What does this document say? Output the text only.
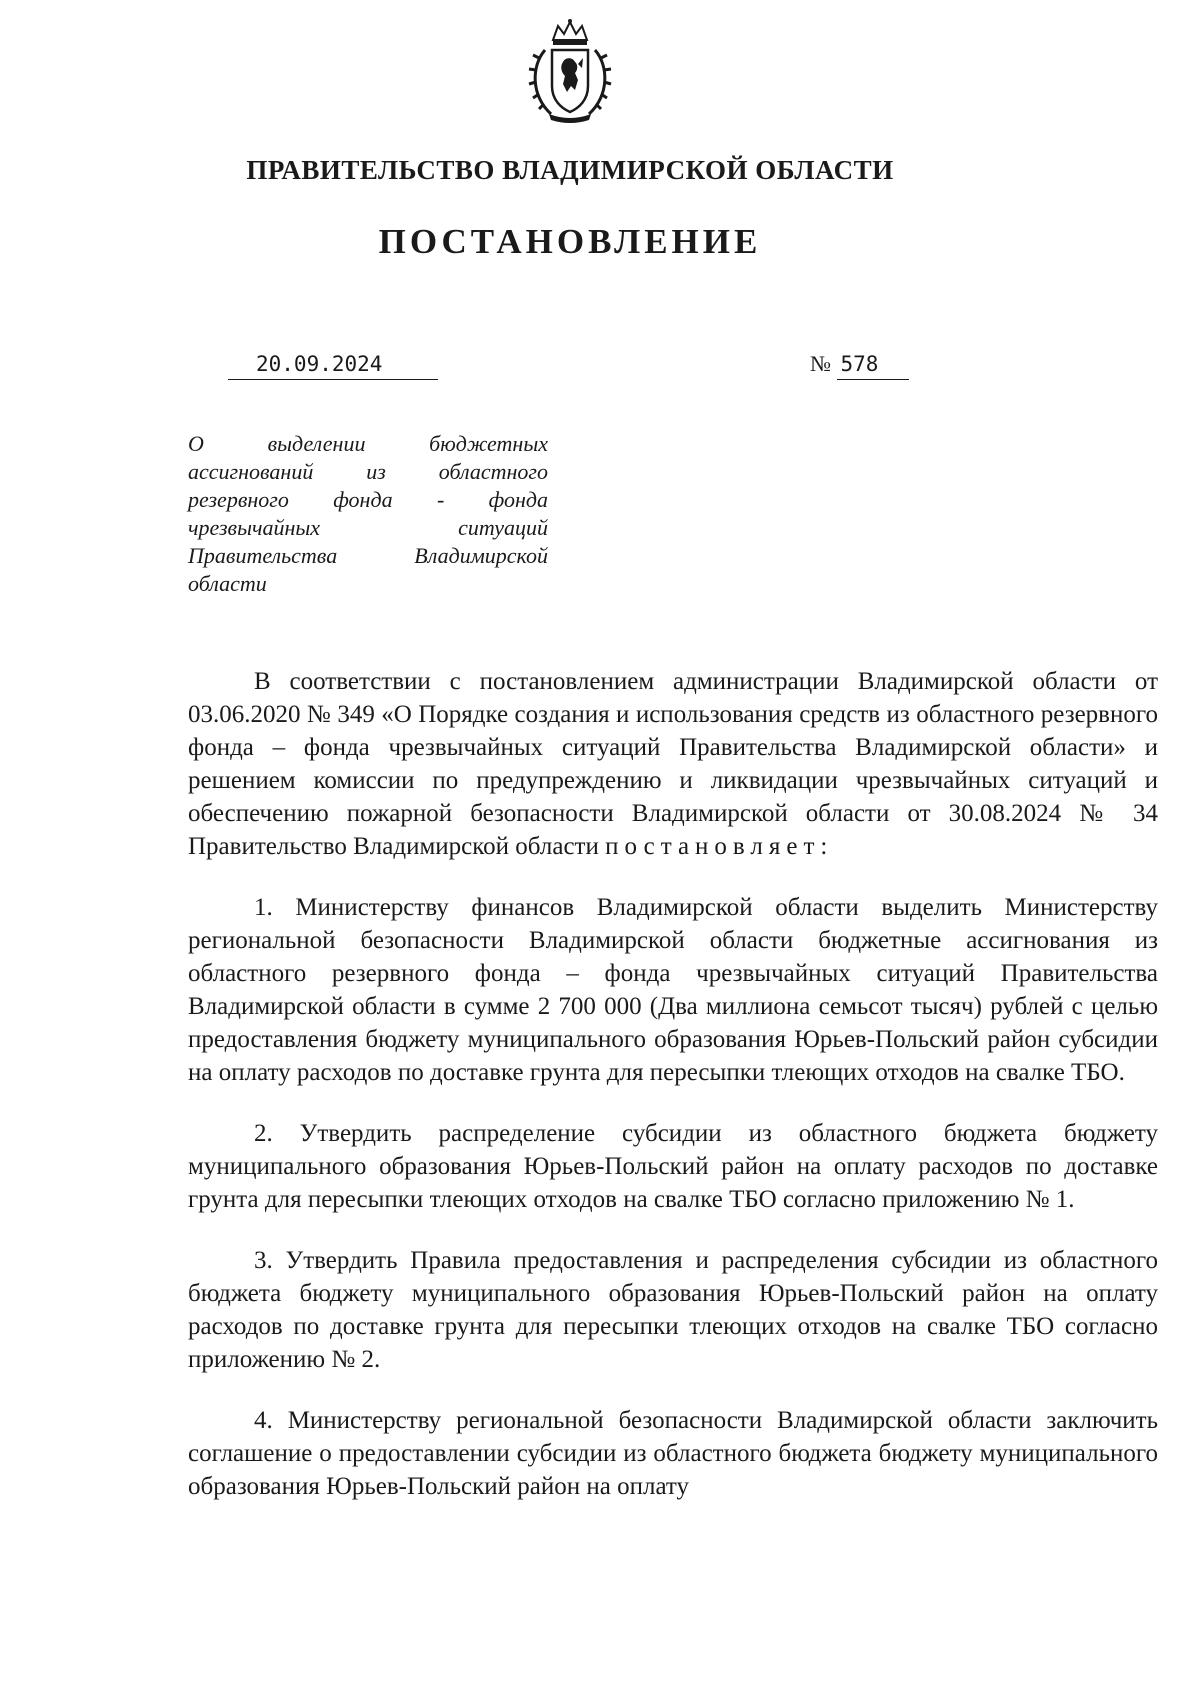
ПРАВИТЕЛЬСТВО ВЛАДИМИРСКОЙ ОБЛАСТИ
ПОСТАНОВЛЕНИЕ
20.09.2024	№ 578
О выделении бюджетных ассигнований из областного резервного фонда - фонда чрезвычайных ситуаций Правительства Владимирской области

В соответствии с постановлением администрации Владимирской области от 03.06.2020 № 349 «О Порядке создания и использования средств из областного резервного фонда – фонда чрезвычайных ситуаций Правительства Владимирской области» и решением комиссии по предупреждению и ликвидации чрезвычайных ситуаций и обеспечению пожарной безопасности Владимирской области от 30.08.2024 № 34 Правительство Владимирской области постановляет:

1. Министерству финансов Владимирской области выделить Министерству региональной безопасности Владимирской области бюджетные ассигнования из областного резервного фонда – фонда чрезвычайных ситуаций Правительства Владимирской области в сумме 2 700 000 (Два миллиона семьсот тысяч) рублей с целью предоставления бюджету муниципального образования Юрьев-Польский район субсидии на оплату расходов по доставке грунта для пересыпки тлеющих отходов на свалке ТБО.

2. Утвердить распределение субсидии из областного бюджета бюджету муниципального образования Юрьев-Польский район на оплату расходов по доставке грунта для пересыпки тлеющих отходов на свалке ТБО согласно приложению № 1.

3. Утвердить Правила предоставления и распределения субсидии из областного бюджета бюджету муниципального образования Юрьев-Польский район на оплату расходов по доставке грунта для пересыпки тлеющих отходов на свалке ТБО согласно приложению № 2.

4. Министерству региональной безопасности Владимирской области заключить соглашение о предоставлении субсидии из областного бюджета бюджету муниципального образования Юрьев-Польский район на оплату
